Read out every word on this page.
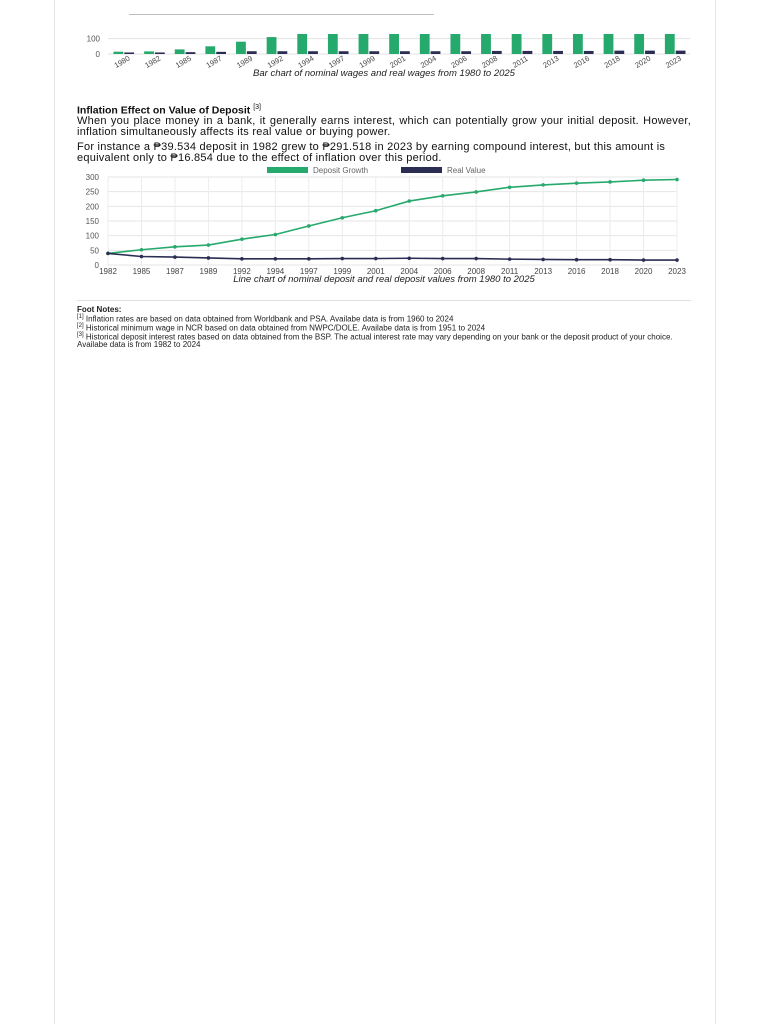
0
100
1980 1982 1985 1987 1989 1992 1994 1997 1999 2001 2004 2006 2008 2011 2013 2016 2018 2020 2023
Bar chart of nominal wages and real wages from 1980 to 2025
Inflation Effect on Value of Deposit [3]
When you place money in a bank, it generally earns interest, which can potentially grow your initial deposit. However, inflation simultaneously affects its real value or buying power.
For instance a ₱39.534 deposit in 1982 grew to ₱291.518 in 2023 by earning compound interest, but this amount is equivalent only to ₱16.854 due to the effect of inflation over this period.
0
50
100
150
200
250
300
1982 1985 1987 1989 1992 1994 1997 1999 2001 2004 2006 2008 2011 2013 2016 2018 2020 2023
Deposit Growth	Real Value
Line chart of nominal deposit and real deposit values from 1980 to 2025
Foot Notes:
[1] Inflation rates are based on data obtained from Worldbank and PSA. Availabe data is from 1960 to 2024
[2] Historical minimum wage in NCR based on data obtained from NWPC/DOLE. Availabe data is from 1951 to 2024
[3] Historical deposit interest rates based on data obtained from the BSP. The actual interest rate may vary depending on your bank or the deposit product of your choice. Availabe data is from 1982 to 2024
